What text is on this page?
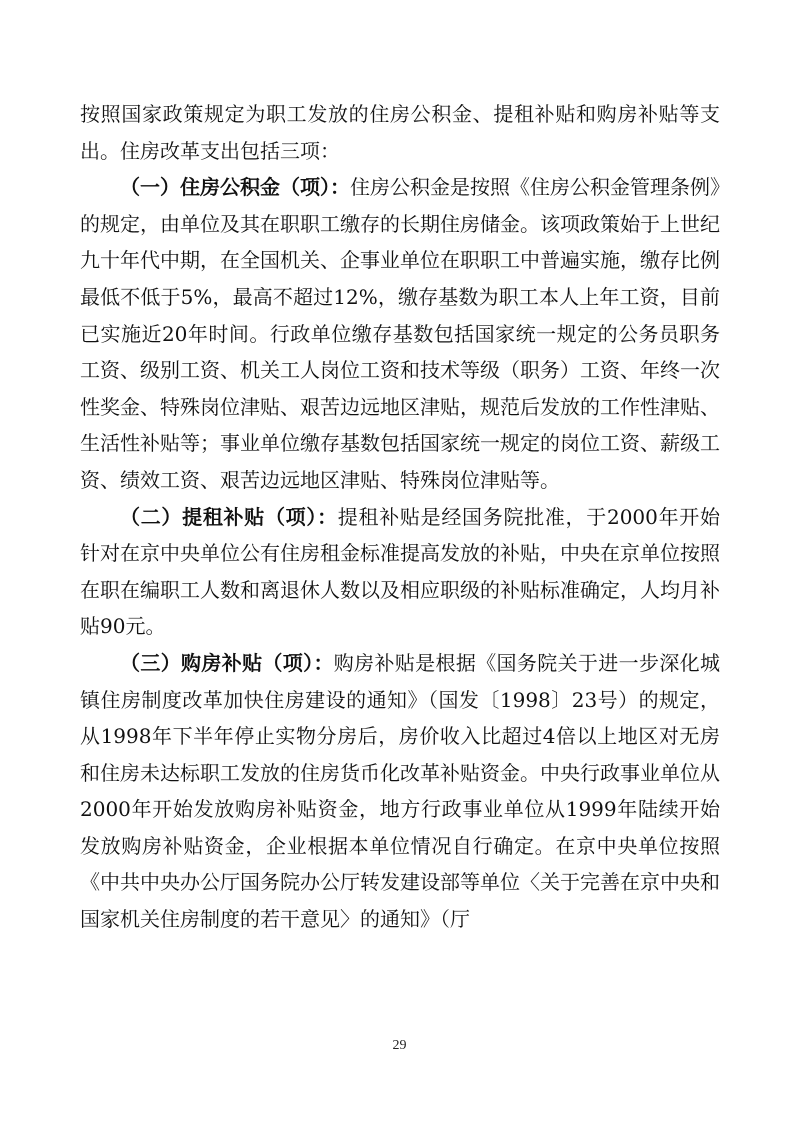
按照国家政策规定为职工发放的住房公积金、提租补贴和购房补贴等支出。住房改革支出包括三项：

（一）住房公积金（项）：住房公积金是按照《住房公积金管理条例》的规定，由单位及其在职职工缴存的长期住房储金。该项政策始于上世纪九十年代中期，在全国机关、企事业单位在职职工中普遍实施，缴存比例最低不低于5%，最高不超过12%，缴存基数为职工本人上年工资，目前已实施近20年时间。行政单位缴存基数包括国家统一规定的公务员职务工资、级别工资、机关工人岗位工资和技术等级（职务）工资、年终一次性奖金、特殊岗位津贴、艰苦边远地区津贴，规范后发放的工作性津贴、生活性补贴等；事业单位缴存基数包括国家统一规定的岗位工资、薪级工资、绩效工资、艰苦边远地区津贴、特殊岗位津贴等。

（二）提租补贴（项）：提租补贴是经国务院批准，于2000年开始针对在京中央单位公有住房租金标准提高发放的补贴，中央在京单位按照在职在编职工人数和离退休人数以及相应职级的补贴标准确定，人均月补贴90元。

（三）购房补贴（项）：购房补贴是根据《国务院关于进一步深化城镇住房制度改革加快住房建设的通知》（国发〔1998〕23号）的规定，从1998年下半年停止实物分房后，房价收入比超过4倍以上地区对无房和住房未达标职工发放的住房货币化改革补贴资金。中央行政事业单位从2000年开始发放购房补贴资金，地方行政事业单位从1999年陆续开始发放购房补贴资金，企业根据本单位情况自行确定。在京中央单位按照《中共中央办公厅国务院办公厅转发建设部等单位〈关于完善在京中央和国家机关住房制度的若干意见〉的通知》（厅

29
